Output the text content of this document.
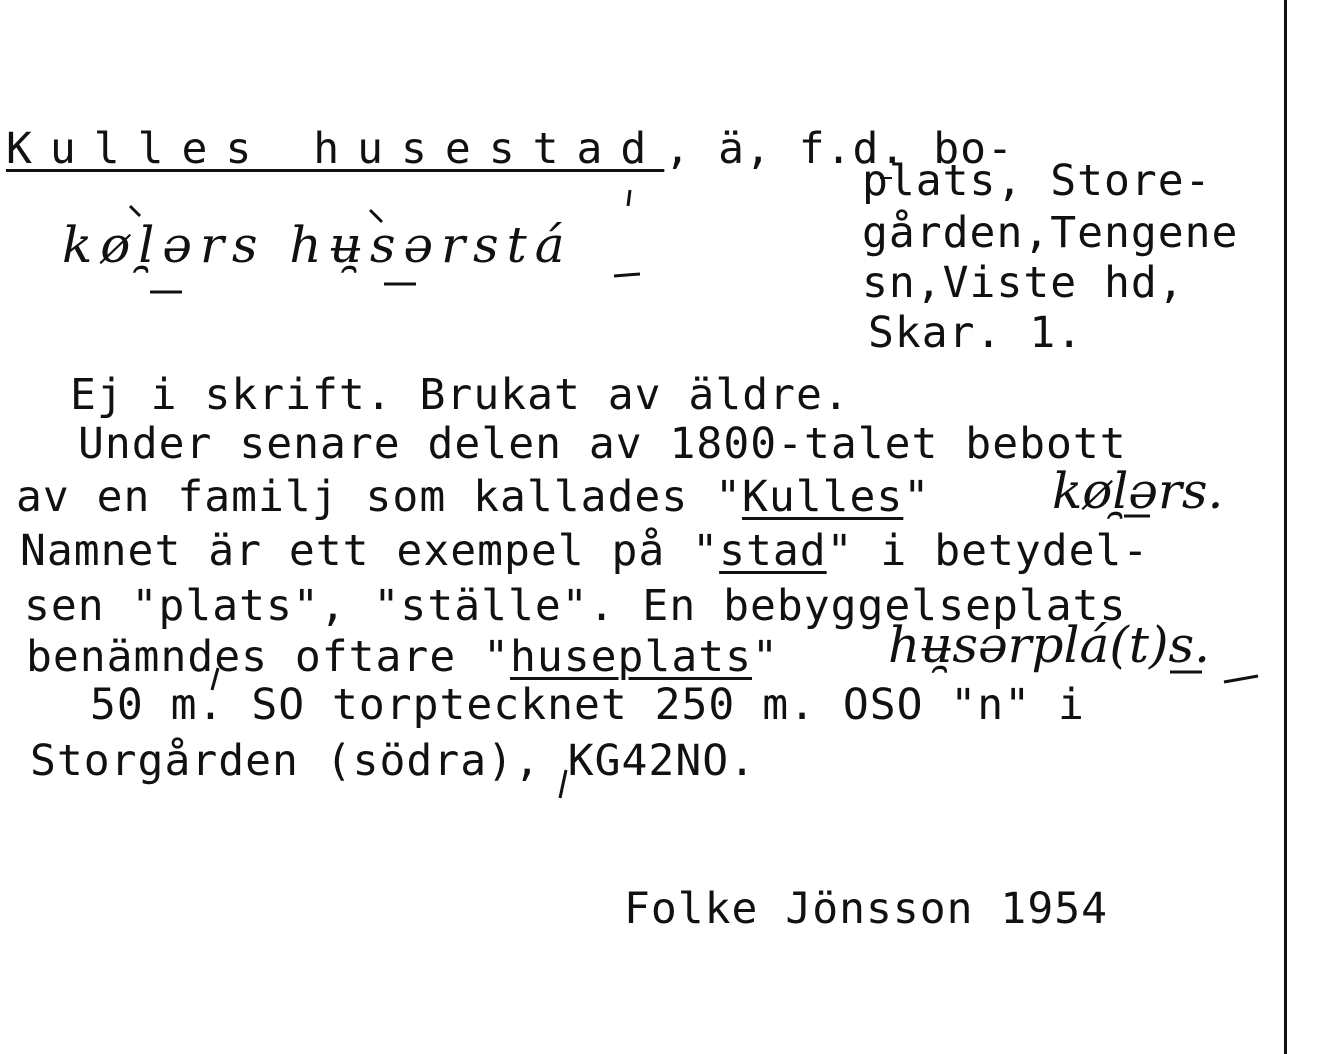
Kulles husestad, ä, f.d. bo-
plats, Store-
gården,Tengene
sn,Viste hd,
Skar. 1.
køl̯ərs hʉ̯sərstá
Ej i skrift. Brukat av äldre.
Under senare delen av 1800-talet bebott
av en familj som kallades "Kulles" køl̯ərs.
Namnet är ett exempel på "stad" i betydel-
sen "plats", "ställe". En bebyggelseplats
benämndes oftare "huseplats" hʉ̯sərplá(t)s.
50 m. SO torptecknet 250 m. OSO "n" i
Storgården (södra), KG42NO.
Folke Jönsson 1954
